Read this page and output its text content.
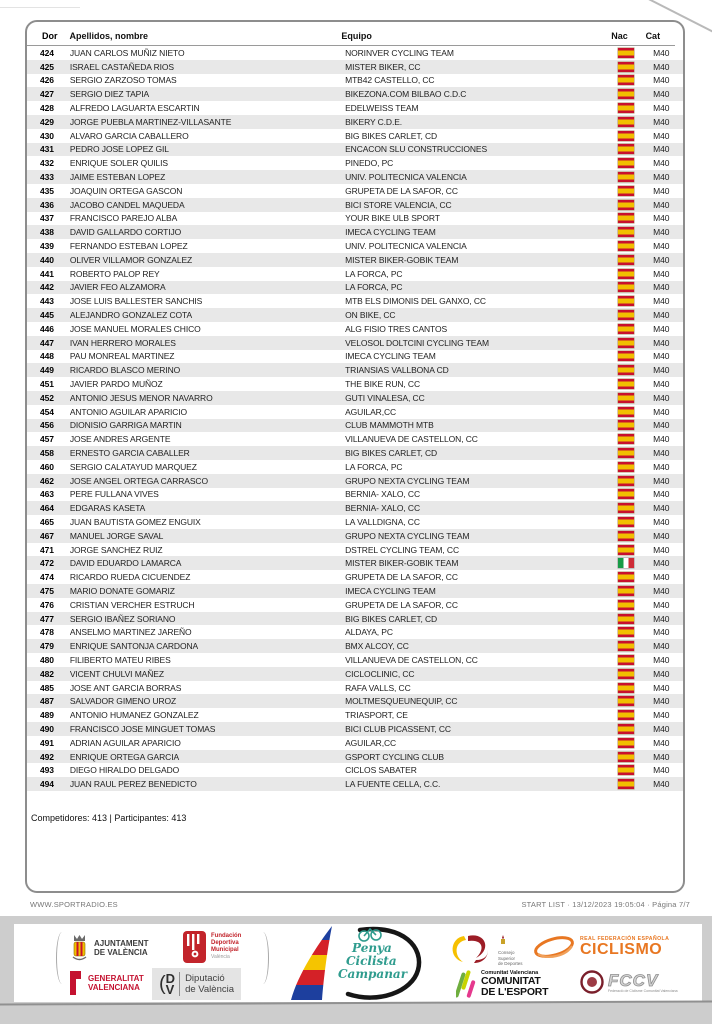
Dor	Apellidos, nombre	Equipo	Nac	Cat
424	JUAN CARLOS MUÑIZ NIETO	NORINVER CYCLING TEAM	M40
425	ISRAEL CASTAÑEDA RIOS	MISTER BIKER, CC	M40
426	SERGIO ZARZOSO TOMAS	MTB42 CASTELLO, CC	M40
427	SERGIO DIEZ TAPIA	BIKEZONA.COM BILBAO C.D.C	M40
428	ALFREDO LAGUARTA ESCARTIN	EDELWEISS TEAM	M40
429	JORGE PUEBLA MARTINEZ-VILLASANTE	BIKERY C.D.E.	M40
430	ALVARO GARCIA CABALLERO	BIG BIKES CARLET, CD	M40
431	PEDRO JOSE LOPEZ GIL	ENCACON SLU CONSTRUCCIONES	M40
432	ENRIQUE SOLER QUILIS	PINEDO, PC	M40
433	JAIME ESTEBAN LOPEZ	UNIV. POLITECNICA VALENCIA	M40
435	JOAQUIN ORTEGA GASCON	GRUPETA DE LA SAFOR, CC	M40
436	JACOBO CANDEL MAQUEDA	BICI STORE VALENCIA, CC	M40
437	FRANCISCO PAREJO ALBA	YOUR BIKE ULB SPORT	M40
438	DAVID GALLARDO CORTIJO	IMECA CYCLING TEAM	M40
439	FERNANDO ESTEBAN LOPEZ	UNIV. POLITECNICA VALENCIA	M40
440	OLIVER VILLAMOR GONZALEZ	MISTER BIKER-GOBIK TEAM	M40
441	ROBERTO PALOP REY	LA FORCA, PC	M40
442	JAVIER FEO ALZAMORA	LA FORCA, PC	M40
443	JOSE LUIS BALLESTER SANCHIS	MTB ELS DIMONIS DEL GANXO, CC	M40
445	ALEJANDRO GONZALEZ COTA	ON BIKE, CC	M40
446	JOSE MANUEL MORALES CHICO	ALG FISIO TRES CANTOS	M40
447	IVAN HERRERO MORALES	VELOSOL DOLTCINI CYCLING TEAM	M40
448	PAU MONREAL MARTINEZ	IMECA CYCLING TEAM	M40
449	RICARDO BLASCO MERINO	TRIANSIAS VALLBONA CD	M40
451	JAVIER PARDO MUÑOZ	THE BIKE RUN, CC	M40
452	ANTONIO JESUS MENOR NAVARRO	GUTI VINALESA, CC	M40
454	ANTONIO AGUILAR APARICIO	AGUILAR,CC	M40
456	DIONISIO GARRIGA MARTIN	CLUB MAMMOTH MTB	M40
457	JOSE ANDRES ARGENTE	VILLANUEVA DE CASTELLON, CC	M40
458	ERNESTO GARCIA CABALLER	BIG BIKES CARLET, CD	M40
460	SERGIO CALATAYUD MARQUEZ	LA FORCA, PC	M40
462	JOSE ANGEL ORTEGA CARRASCO	GRUPO NEXTA CYCLING TEAM	M40
463	PERE FULLANA VIVES	BERNIA- XALO, CC	M40
464	EDGARAS KASETA	BERNIA- XALO, CC	M40
465	JUAN BAUTISTA GOMEZ ENGUIX	LA VALLDIGNA, CC	M40
467	MANUEL JORGE SAVAL	GRUPO NEXTA CYCLING TEAM	M40
471	JORGE SANCHEZ RUIZ	DSTREL CYCLING TEAM, CC	M40
472	DAVID EDUARDO LAMARCA	MISTER BIKER-GOBIK TEAM	M40
474	RICARDO RUEDA CICUENDEZ	GRUPETA DE LA SAFOR, CC	M40
475	MARIO DONATE GOMARIZ	IMECA CYCLING TEAM	M40
476	CRISTIAN VERCHER ESTRUCH	GRUPETA DE LA SAFOR, CC	M40
477	SERGIO IBAÑEZ SORIANO	BIG BIKES CARLET, CD	M40
478	ANSELMO MARTINEZ JAREÑO	ALDAYA, PC	M40
479	ENRIQUE SANTONJA CARDONA	BMX ALCOY, CC	M40
480	FILIBERTO MATEU RIBES	VILLANUEVA DE CASTELLON, CC	M40
482	VICENT CHULVI MAÑEZ	CICLOCLINIC, CC	M40
485	JOSE ANT GARCIA BORRAS	RAFA VALLS, CC	M40
487	SALVADOR GIMENO UROZ	MOLTMESQUEUNEQUIP, CC	M40
489	ANTONIO HUMANEZ GONZALEZ	TRIASPORT, CE	M40
490	FRANCISCO JOSE MINGUET TOMAS	BICI CLUB PICASSENT, CC	M40
491	ADRIAN AGUILAR APARICIO	AGUILAR,CC	M40
492	ENRIQUE ORTEGA GARCIA	GSPORT CYCLING CLUB	M40
493	DIEGO HIRALDO DELGADO	CICLOS SABATER	M40
494	JUAN RAUL PEREZ BENEDICTO	LA FUENTE CELLA, C.C.	M40
Competidores: 413 | Participantes: 413
WWW.SPORTRADIO.ES	START LIST · 13/12/2023 19:05:04 · Página 7/7
AJUNTAMENT
DE VALÈNCIA
Fundación
Deportiva
Municipal
València
GENERALITAT
VALENCIANA ( D
V
Diputació
de València
Penya
Ciclista
Campanar
Consejo
Superior
de Deportes
REAL FEDERACIÓN ESPAÑOLA
CICLISMO
Comunitat Valenciana
COMUNITAT
DE L'ESPORT
FCCV
Federació de Ciclisme Comunitat Valenciana
